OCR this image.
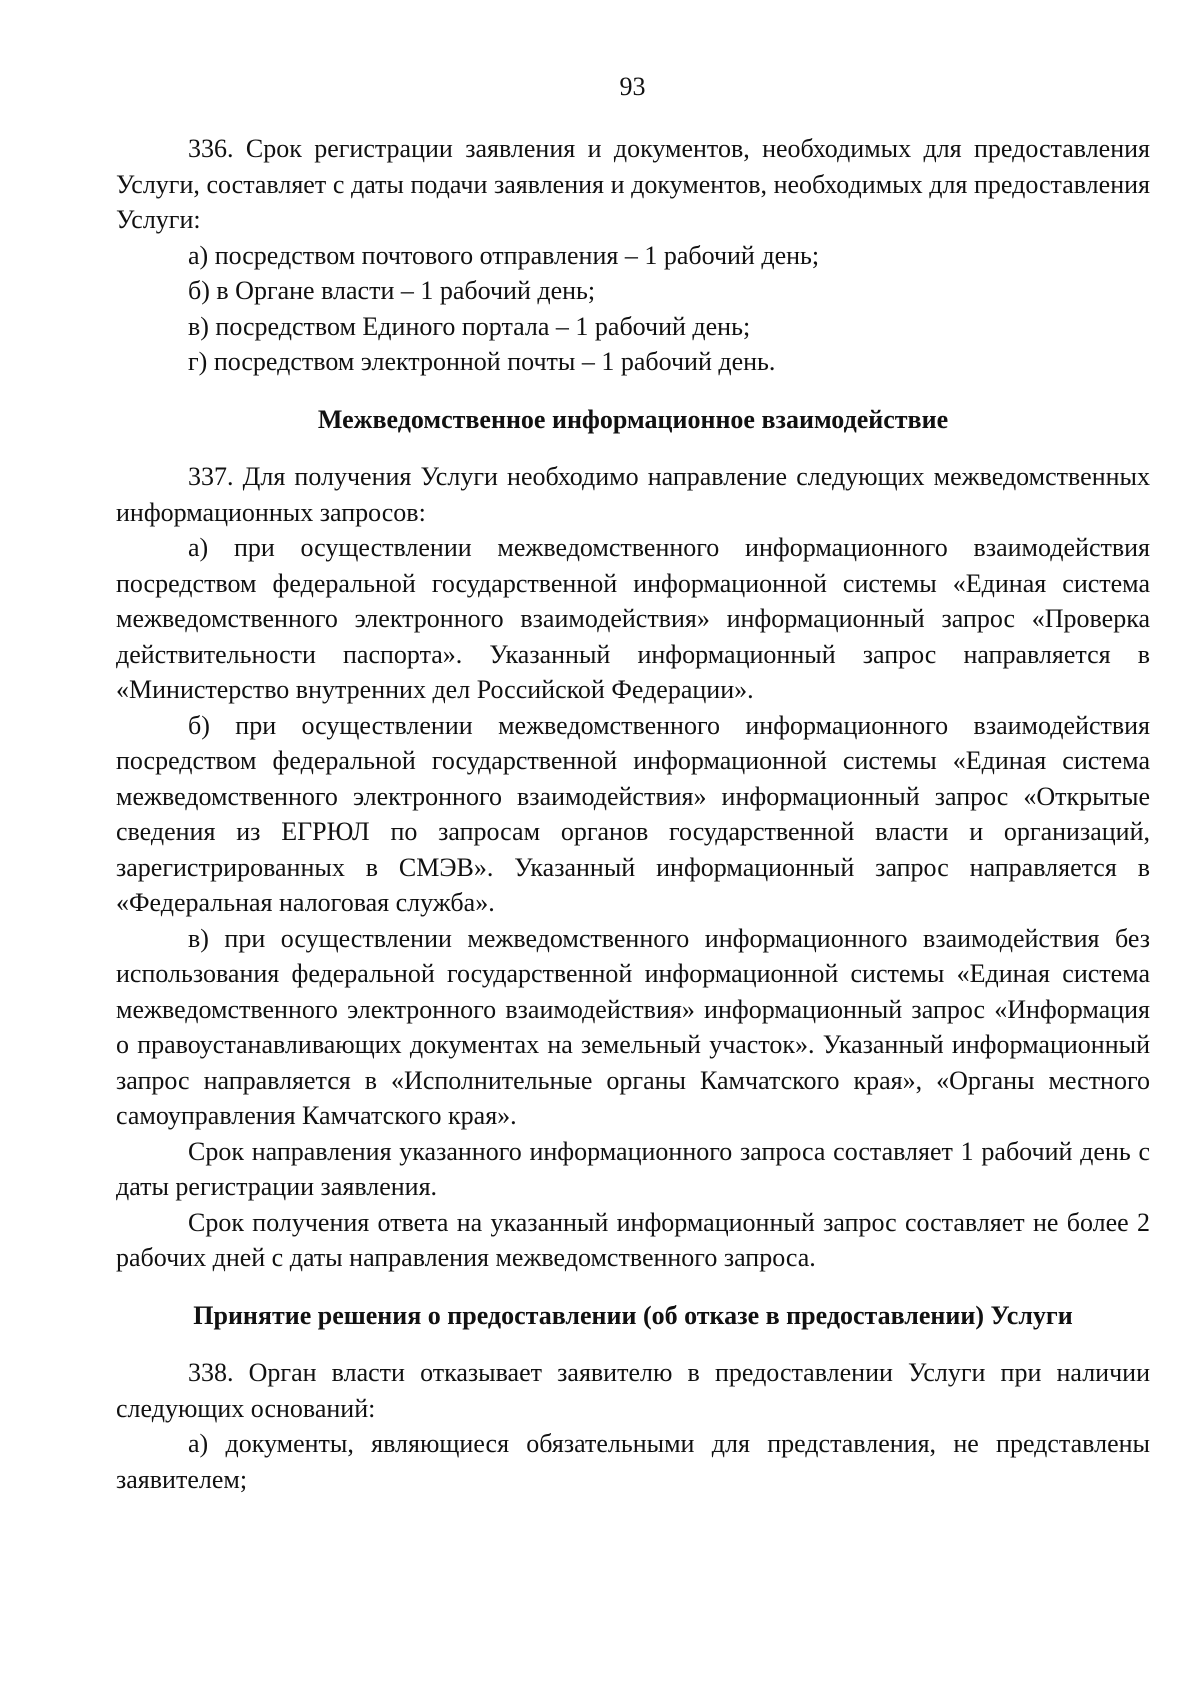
93

336. Срок регистрации заявления и документов, необходимых для предоставления Услуги, составляет с даты подачи заявления и документов, необходимых для предоставления Услуги:

а) посредством почтового отправления – 1 рабочий день;

б) в Органе власти – 1 рабочий день;

в) посредством Единого портала – 1 рабочий день;

г) посредством электронной почты – 1 рабочий день.

Межведомственное информационное взаимодействие

337. Для получения Услуги необходимо направление следующих межведомственных информационных запросов:

а) при осуществлении межведомственного информационного взаимодействия посредством федеральной государственной информационной системы «Единая система межведомственного электронного взаимодействия» информационный запрос «Проверка действительности паспорта». Указанный информационный запрос направляется в «Министерство внутренних дел Российской Федерации».

б) при осуществлении межведомственного информационного взаимодействия посредством федеральной государственной информационной системы «Единая система межведомственного электронного взаимодействия» информационный запрос «Открытые сведения из ЕГРЮЛ по запросам органов государственной власти и организаций, зарегистрированных в СМЭВ». Указанный информационный запрос направляется в «Федеральная налоговая служба».

в) при осуществлении межведомственного информационного взаимодействия без использования федеральной государственной информационной системы «Единая система межведомственного электронного взаимодействия» информационный запрос «Информация о правоустанавливающих документах на земельный участок». Указанный информационный запрос направляется в «Исполнительные органы Камчатского края», «Органы местного самоуправления Камчатского края».

Срок направления указанного информационного запроса составляет 1 рабочий день с даты регистрации заявления.

Срок получения ответа на указанный информационный запрос составляет не более 2 рабочих дней с даты направления межведомственного запроса.

Принятие решения о предоставлении (об отказе в предоставлении) Услуги

338. Орган власти отказывает заявителю в предоставлении Услуги при наличии следующих оснований:

а) документы, являющиеся обязательными для представления, не представлены заявителем;
